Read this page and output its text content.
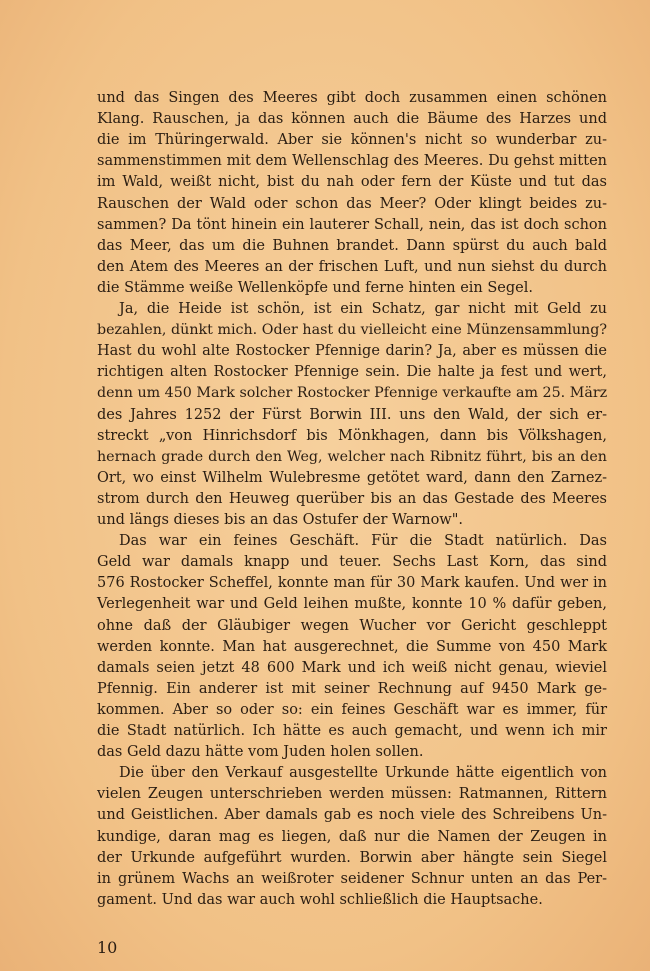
und das Singen des Meeres gibt doch zusammen einen schönen
Klang. Rauschen, ja das können auch die Bäume des Harzes und
die im Thüringerwald. Aber sie können's nicht so wunderbar zu-
sammenstimmen mit dem Wellenschlag des Meeres. Du gehst mitten
im Wald, weißt nicht, bist du nah oder fern der Küste und tut das
Rauschen der Wald oder schon das Meer? Oder klingt beides zu-
sammen? Da tönt hinein ein lauterer Schall, nein, das ist doch schon
das Meer, das um die Buhnen brandet. Dann spürst du auch bald
den Atem des Meeres an der frischen Luft, und nun siehst du durch
die Stämme weiße Wellenköpfe und ferne hinten ein Segel.
Ja, die Heide ist schön, ist ein Schatz, gar nicht mit Geld zu
bezahlen, dünkt mich. Oder hast du vielleicht eine Münzensammlung?
Hast du wohl alte Rostocker Pfennige darin? Ja, aber es müssen die
richtigen alten Rostocker Pfennige sein. Die halte ja fest und wert,
denn um 450 Mark solcher Rostocker Pfennige verkaufte am 25. März
des Jahres 1252 der Fürst Borwin III. uns den Wald, der sich er-
streckt „von Hinrichsdorf bis Mönkhagen, dann bis Völkshagen,
hernach grade durch den Weg, welcher nach Ribnitz führt, bis an den
Ort, wo einst Wilhelm Wulebresme getötet ward, dann den Zarnez-
strom durch den Heuweg querüber bis an das Gestade des Meeres
und längs dieses bis an das Ostufer der Warnow".
Das war ein feines Geschäft. Für die Stadt natürlich. Das
Geld war damals knapp und teuer. Sechs Last Korn, das sind
576 Rostocker Scheffel, konnte man für 30 Mark kaufen. Und wer in
Verlegenheit war und Geld leihen mußte, konnte 10 % dafür geben,
ohne daß der Gläubiger wegen Wucher vor Gericht geschleppt
werden konnte. Man hat ausgerechnet, die Summe von 450 Mark
damals seien jetzt 48 600 Mark und ich weiß nicht genau, wieviel
Pfennig. Ein anderer ist mit seiner Rechnung auf 9450 Mark ge-
kommen. Aber so oder so: ein feines Geschäft war es immer, für
die Stadt natürlich. Ich hätte es auch gemacht, und wenn ich mir
das Geld dazu hätte vom Juden holen sollen.
Die über den Verkauf ausgestellte Urkunde hätte eigentlich von
vielen Zeugen unterschrieben werden müssen: Ratmannen, Rittern
und Geistlichen. Aber damals gab es noch viele des Schreibens Un-
kundige, daran mag es liegen, daß nur die Namen der Zeugen in
der Urkunde aufgeführt wurden. Borwin aber hängte sein Siegel
in grünem Wachs an weißroter seidener Schnur unten an das Per-
gament. Und das war auch wohl schließlich die Hauptsache.
10
